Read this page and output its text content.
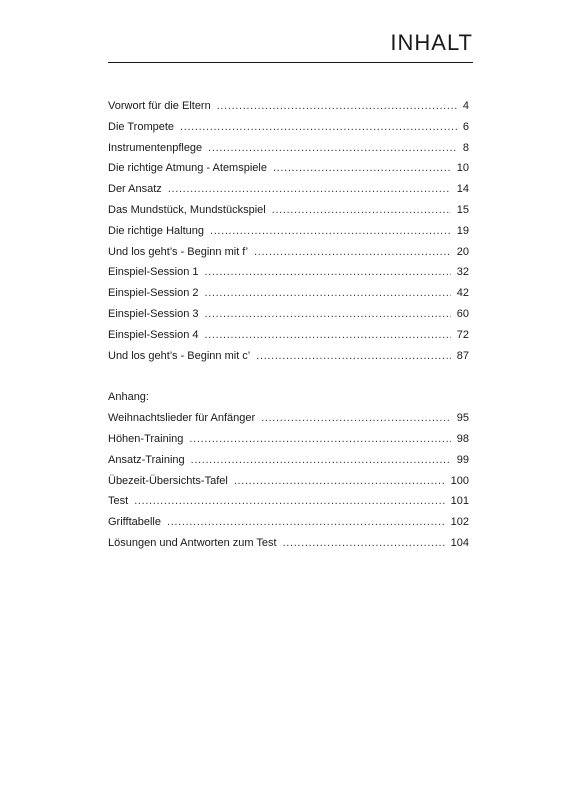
INHALT
Vorwort für die Eltern . . .	4
Die Trompete . . .	6
Instrumentenpflege . . .	8
Die richtige Atmung - Atemspiele . . .	10
Der Ansatz . . .	14
Das Mundstück, Mundstückspiel . . .	15
Die richtige Haltung . . .	19
Und los geht’s - Beginn mit f’ . . .	20
Einspiel-Session 1 . . .	32
Einspiel-Session 2 . . .	42
Einspiel-Session 3 . . .	60
Einspiel-Session 4 . . .	72
Und los geht’s - Beginn mit c’ . . .	87
Anhang:
Weihnachtslieder für Anfänger . . .	95
Höhen-Training . . .	98
Ansatz-Training . . .	99
Übezeit-Übersichts-Tafel . . .	100
Test . . .	101
Grifftabelle . . .	102
Lösungen und Antworten zum Test . . .	104
